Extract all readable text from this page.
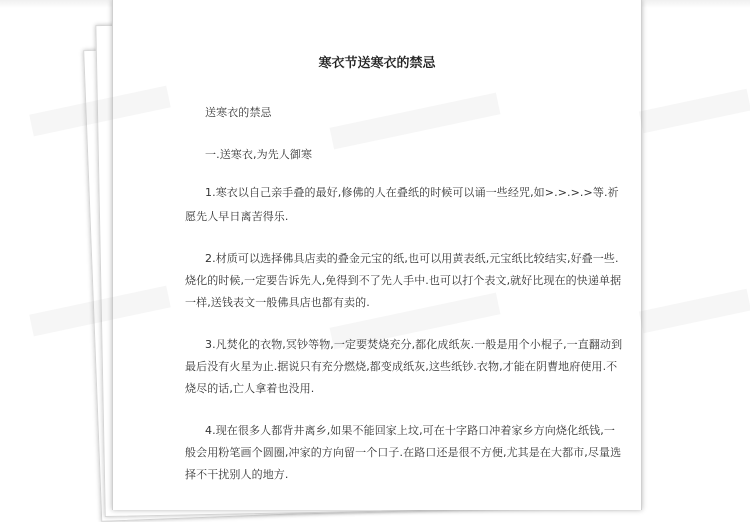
寒衣节送寒衣的禁忌
送寒衣的禁忌
一.送寒衣,为先人御寒
1.寒衣以自己亲手叠的最好,修佛的人在叠纸的时候可以诵一些经咒,如>.>.>.>等.祈
愿先人早日离苦得乐.
2.材质可以选择佛具店卖的叠金元宝的纸,也可以用黄表纸,元宝纸比较结实,好叠一些.
烧化的时候,一定要告诉先人,免得到不了先人手中.也可以打个表文,就好比现在的快递单据
一样,送钱表文一般佛具店也都有卖的.
3.凡焚化的衣物,冥钞等物,一定要焚烧充分,都化成纸灰.一般是用个小棍子,一直翻动到
最后没有火星为止.据说只有充分燃烧,都变成纸灰,这些纸钞.衣物,才能在阴曹地府使用.不
烧尽的话,亡人拿着也没用.
4.现在很多人都背井离乡,如果不能回家上坟,可在十字路口冲着家乡方向烧化纸钱,一
般会用粉笔画个圆圈,冲家的方向留一个口子.在路口还是很不方便,尤其是在大都市,尽量选
择不干扰别人的地方.
